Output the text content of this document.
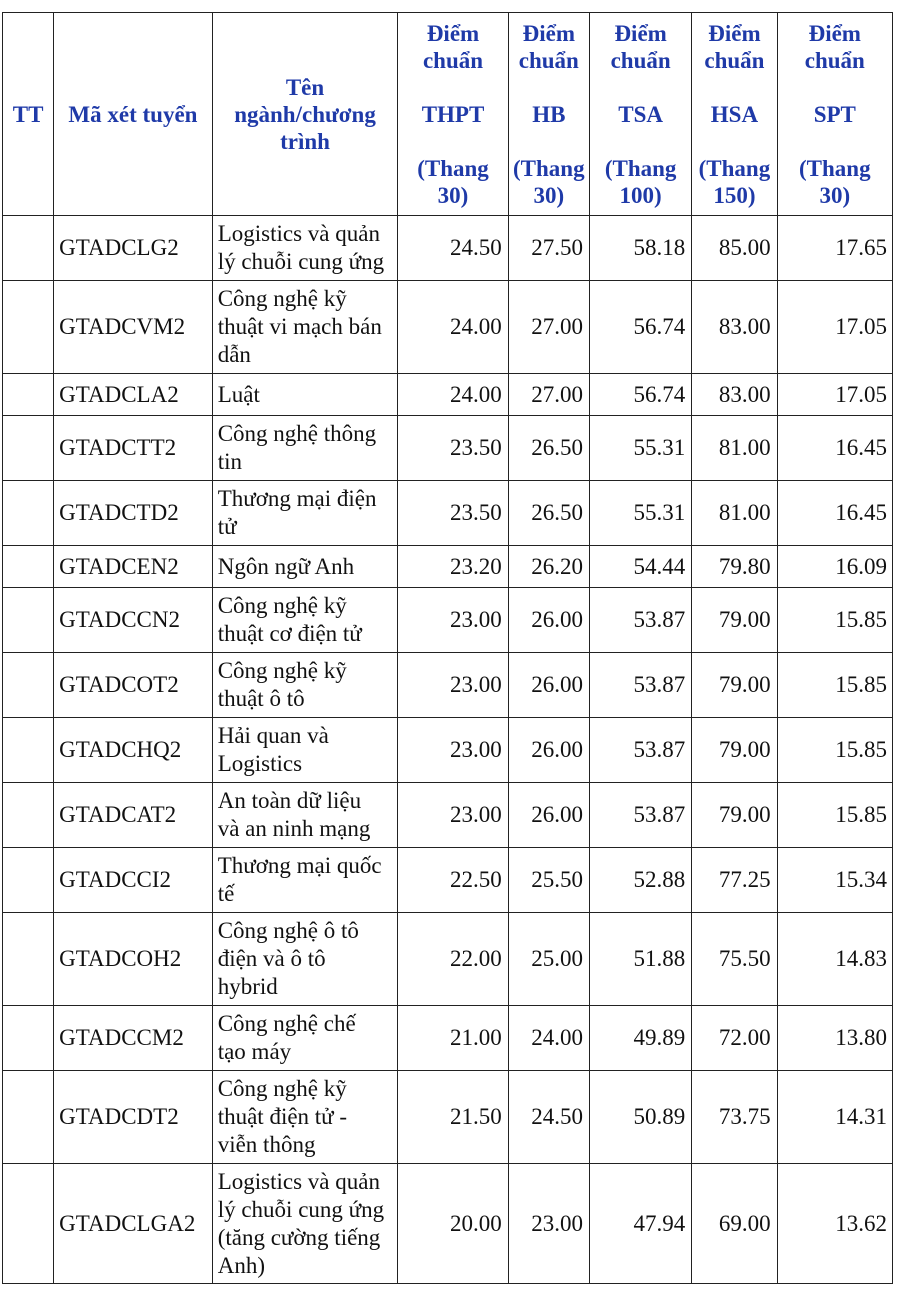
TT	Mã xét tuyển	Tên
ngành/chương
trình	Điểm
chuẩn
THPT
(Thang
30)	Điểm
chuẩn
HB
(Thang
30)	Điểm
chuẩn
TSA
(Thang
100)	Điểm
chuẩn
HSA
(Thang
150)	Điểm
chuẩn
SPT
(Thang
30)

	GTADCLG2	Logistics và quản
lý chuỗi cung ứng	24.50	27.50	58.18	85.00	17.65
	GTADCVM2	Công nghệ kỹ
thuật vi mạch bán
dẫn	24.00	27.00	56.74	83.00	17.05
	GTADCLA2	Luật	24.00	27.00	56.74	83.00	17.05
	GTADCTT2	Công nghệ thông
tin	23.50	26.50	55.31	81.00	16.45
	GTADCTD2	Thương mại điện
tử	23.50	26.50	55.31	81.00	16.45
	GTADCEN2	Ngôn ngữ Anh	23.20	26.20	54.44	79.80	16.09
	GTADCCN2	Công nghệ kỹ
thuật cơ điện tử	23.00	26.00	53.87	79.00	15.85
	GTADCOT2	Công nghệ kỹ
thuật ô tô	23.00	26.00	53.87	79.00	15.85
	GTADCHQ2	Hải quan và
Logistics	23.00	26.00	53.87	79.00	15.85
	GTADCAT2	An toàn dữ liệu
và an ninh mạng	23.00	26.00	53.87	79.00	15.85
	GTADCCI2	Thương mại quốc
tế	22.50	25.50	52.88	77.25	15.34
	GTADCOH2	Công nghệ ô tô
điện và ô tô
hybrid	22.00	25.00	51.88	75.50	14.83
	GTADCCM2	Công nghệ chế
tạo máy	21.00	24.00	49.89	72.00	13.80
	GTADCDT2	Công nghệ kỹ
thuật điện tử -
viễn thông	21.50	24.50	50.89	73.75	14.31
	GTADCLGA2	Logistics và quản
lý chuỗi cung ứng
(tăng cường tiếng
Anh)	20.00	23.00	47.94	69.00	13.62
